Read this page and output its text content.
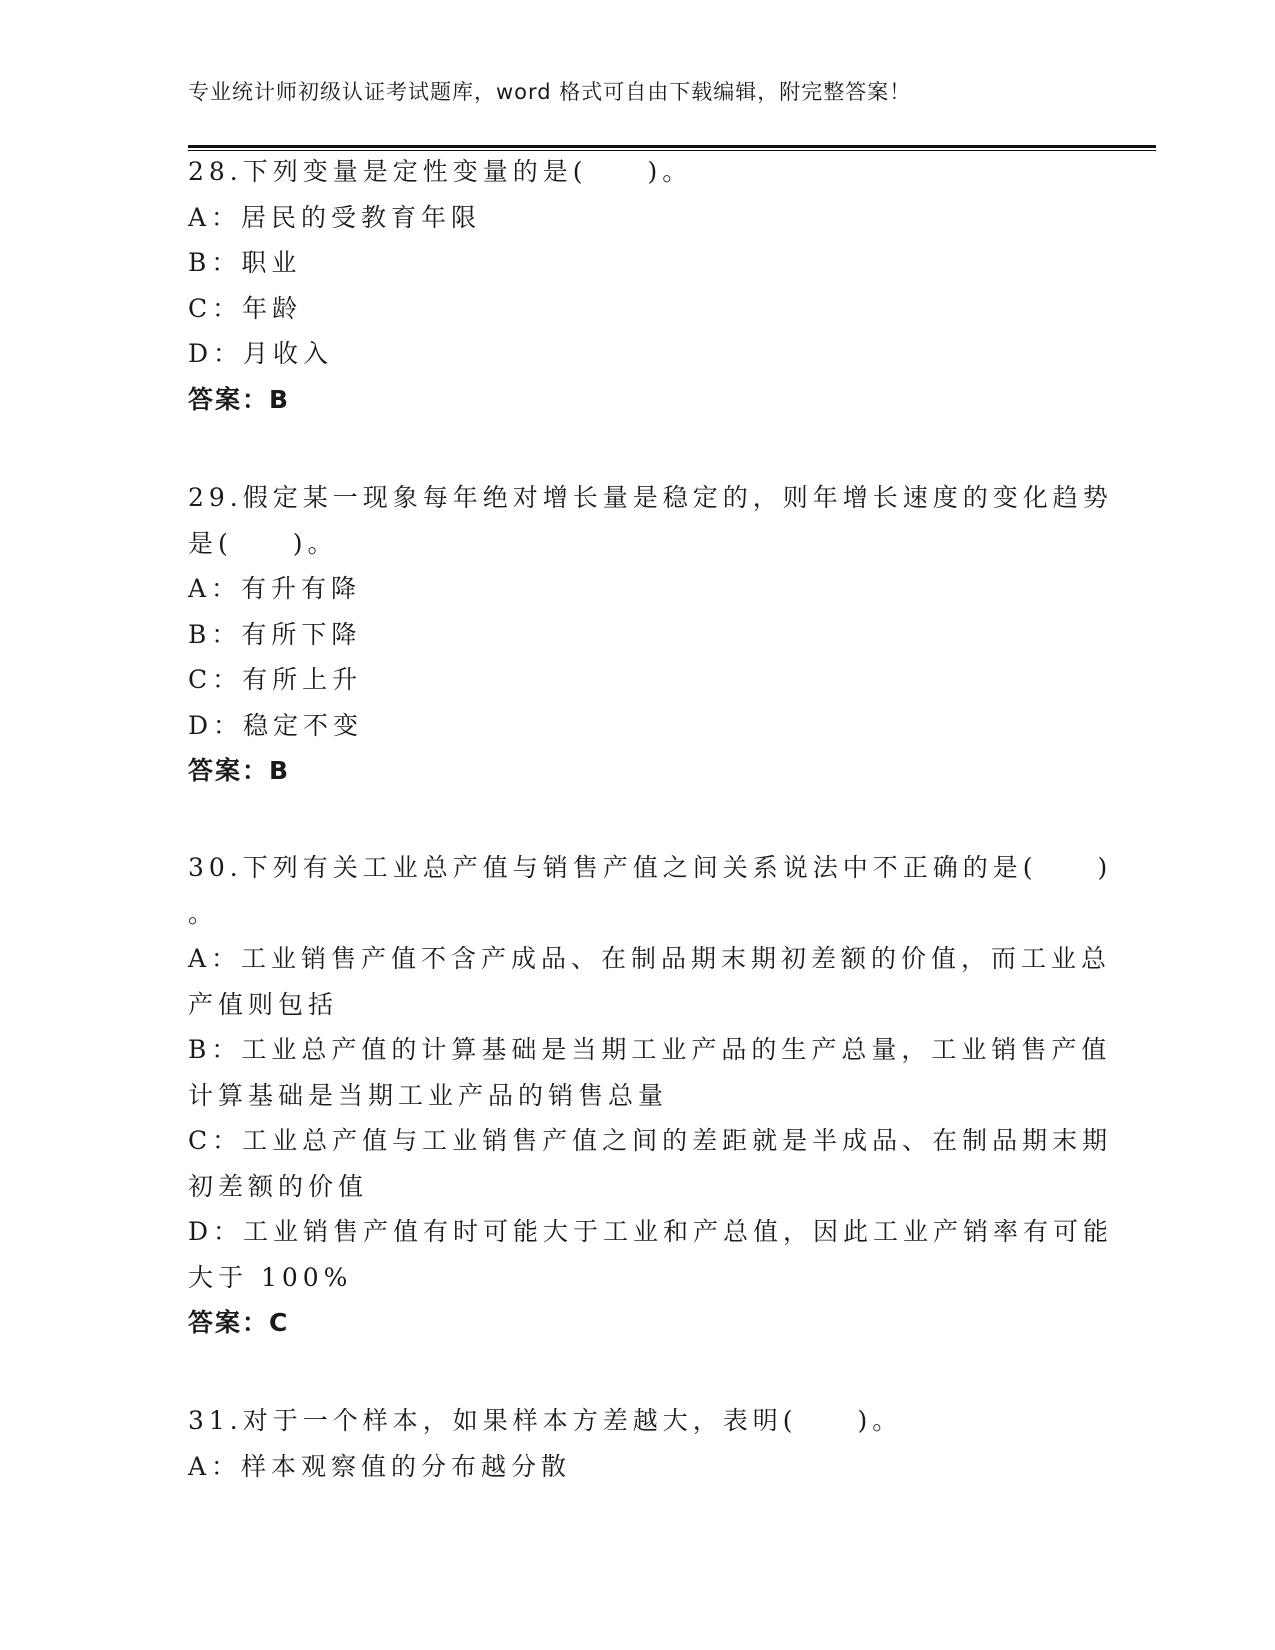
专业统计师初级认证考试题库，word 格式可自由下载编辑，附完整答案！
28.下列变量是定性变量的是(　　)。
A：居民的受教育年限
B：职业
C：年龄
D：月收入
答案：B
29.假定某一现象每年绝对增长量是稳定的，则年增长速度的变化趋势
是(　　)。
A：有升有降
B：有所下降
C：有所上升
D：稳定不变
答案：B
30.下列有关工业总产值与销售产值之间关系说法中不正确的是(　　)
。
A：工业销售产值不含产成品、在制品期末期初差额的价值，而工业总
产值则包括
B：工业总产值的计算基础是当期工业产品的生产总量，工业销售产值
计算基础是当期工业产品的销售总量
C：工业总产值与工业销售产值之间的差距就是半成品、在制品期末期
初差额的价值
D：工业销售产值有时可能大于工业和产总值，因此工业产销率有可能
大于 100%
答案：C
31.对于一个样本，如果样本方差越大，表明(　　)。
A：样本观察值的分布越分散
